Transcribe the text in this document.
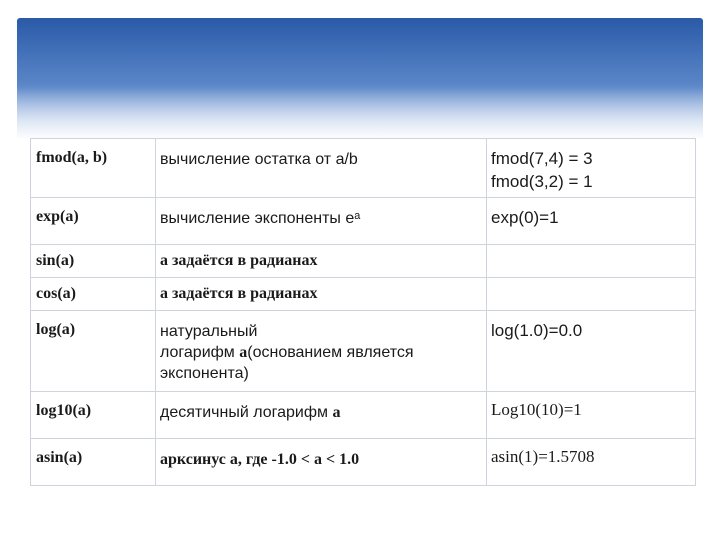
fmod(a, b)	вычисление остатка от a/b	fmod(7,4) = 3
fmod(3,2) = 1

exp(a)	вычисление экспоненты eᵃ	exp(0)=1

sin(a)	а задаётся в радианах	

cos(a)	а задаётся в радианах	

log(a)	натуральный
логарифм а(основанием является
экспонента)	log(1.0)=0.0

log10(a)	десятичный логарифм а	Log10(10)=1

asin(a)	арксинус а, где -1.0 < а < 1.0	asin(1)=1.5708
